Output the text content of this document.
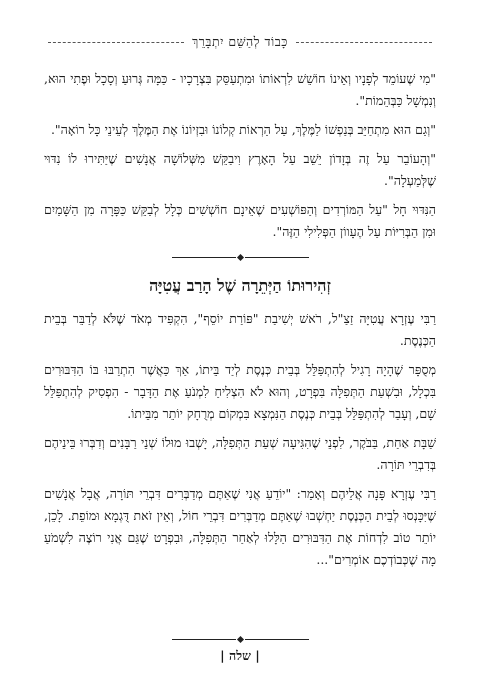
כָּבוֹד לְהַשֵּׁם יִתְבָּרֵךְ

"מִי שֶׁעוֹמֵד לְפָנָיו וְאֵינוֹ חוֹשֵׁשׁ לִרְאוֹתוֹ וּמִתְעַסֵּק בִּצְרָכָיו - כַּמָּה גְּרוּעַ וְסָכָל וּפֶתִי הוּא, וְנִמְשָׁל כַּבְּהֵמוֹת".

"וְגַם הוּא מִתְחַיֵּב בְּנַפְשׁוֹ לַמֶּלֶךְ, עַל הַרְאוֹת קְלוֹנוֹ וּבִזְיוֹנוֹ אֶת הַמֶּלֶךְ לְעֵינֵי כָּל רוֹאָה".

"וְהָעוֹבֵר עַל זֶה בְּזָדוֹן יֵשֵׁב עַל הָאָרֶץ וִיבַקֵּשׁ מִשְּׁלוֹשָׁה אֲנָשִׁים שֶׁיַּתִּירוּ לוֹ נִדּוּי שֶׁלְּמַעְלָה".

הַנִּדּוּי חָל "עַל הַמּוֹרְדִים וְהַפּוֹשְׁעִים שֶׁאֵינָם חוֹשְׁשִׁים כְּלָל לְבַקֵּשׁ כַּפָּרָה מִן הַשָּׁמַיִם וּמִן הַבְּרִיּוֹת עַל הֶעָווֹן הַפְּלִילִי הַזֶּה".

זְהִירוּתוֹ הַיְּתֵרָה שֶׁל הָרַב עֲטִיָּה

רַבִּי עֶזְרָא עֲטִיָּה זַצַ"ל, רֹאשׁ יְשִׁיבַת "פּוֹרַת יוֹסֵף", הִקְפִּיד מְאֹד שֶׁלֹּא לְדַבֵּר בְּבֵית הַכְּנֶסֶת.

מְסֻפָּר שֶׁהָיָה רָגִיל לְהִתְפַּלֵּל בְּבֵית כְּנֶסֶת לְיַד בֵּיתוֹ, אַךְ כַּאֲשֶׁר הִתְרַבּוּ בּוֹ הַדִּבּוּרִים בִּכְלָל, וּבִשְׁעַת הַתְּפִלָּה בִּפְרָט, וְהוּא לֹא הִצְלִיחַ לִמְנֹעַ אֶת הַדָּבָר - הִפְסִיק לְהִתְפַּלֵּל שָׁם, וְעָבַר לְהִתְפַּלֵּל בְּבֵית כְּנֶסֶת הַנִּמְצָא בִּמְקוֹם מְרֻחָק יוֹתֵר מִבֵּיתוֹ.

שַׁבָּת אַחַת, בַּבֹּקֶר, לִפְנֵי שֶׁהִגִּיעָה שְׁעַת הַתְּפִלָּה, יָשְׁבוּ מוּלוֹ שְׁנֵי רַבָּנִים וְדִבְּרוּ בֵּינֵיהֶם בְּדִבְרֵי תּוֹרָה.

רַבִּי עֶזְרָא פָּנָה אֲלֵיהֶם וְאָמַר: "יוֹדֵעַ אֲנִי שֶׁאַתֶּם מְדַבְּרִים דִּבְרֵי תּוֹרָה, אֲבָל אֲנָשִׁים שֶׁיִּכָּנְסוּ לְבֵית הַכְּנֶסֶת יַחְשְׁבוּ שֶׁאַתֶּם מְדַבְּרִים דִּבְרֵי חוֹל, וְאֵין זֹאת דֻּגְמָא וּמוֹפֵת. לָכֵן, יוֹתֵר טוֹב לִדְחוֹת אֶת הַדִּבּוּרִים הַלָּלוּ לְאַחַר הַתְּפִלָּה, וּבִפְרָט שֶׁגַּם אֲנִי רוֹצֶה לִשְׁמֹעַ מָה שֶׁכְּבוֹדְכֶם אוֹמְרִים"...

| שלה |
